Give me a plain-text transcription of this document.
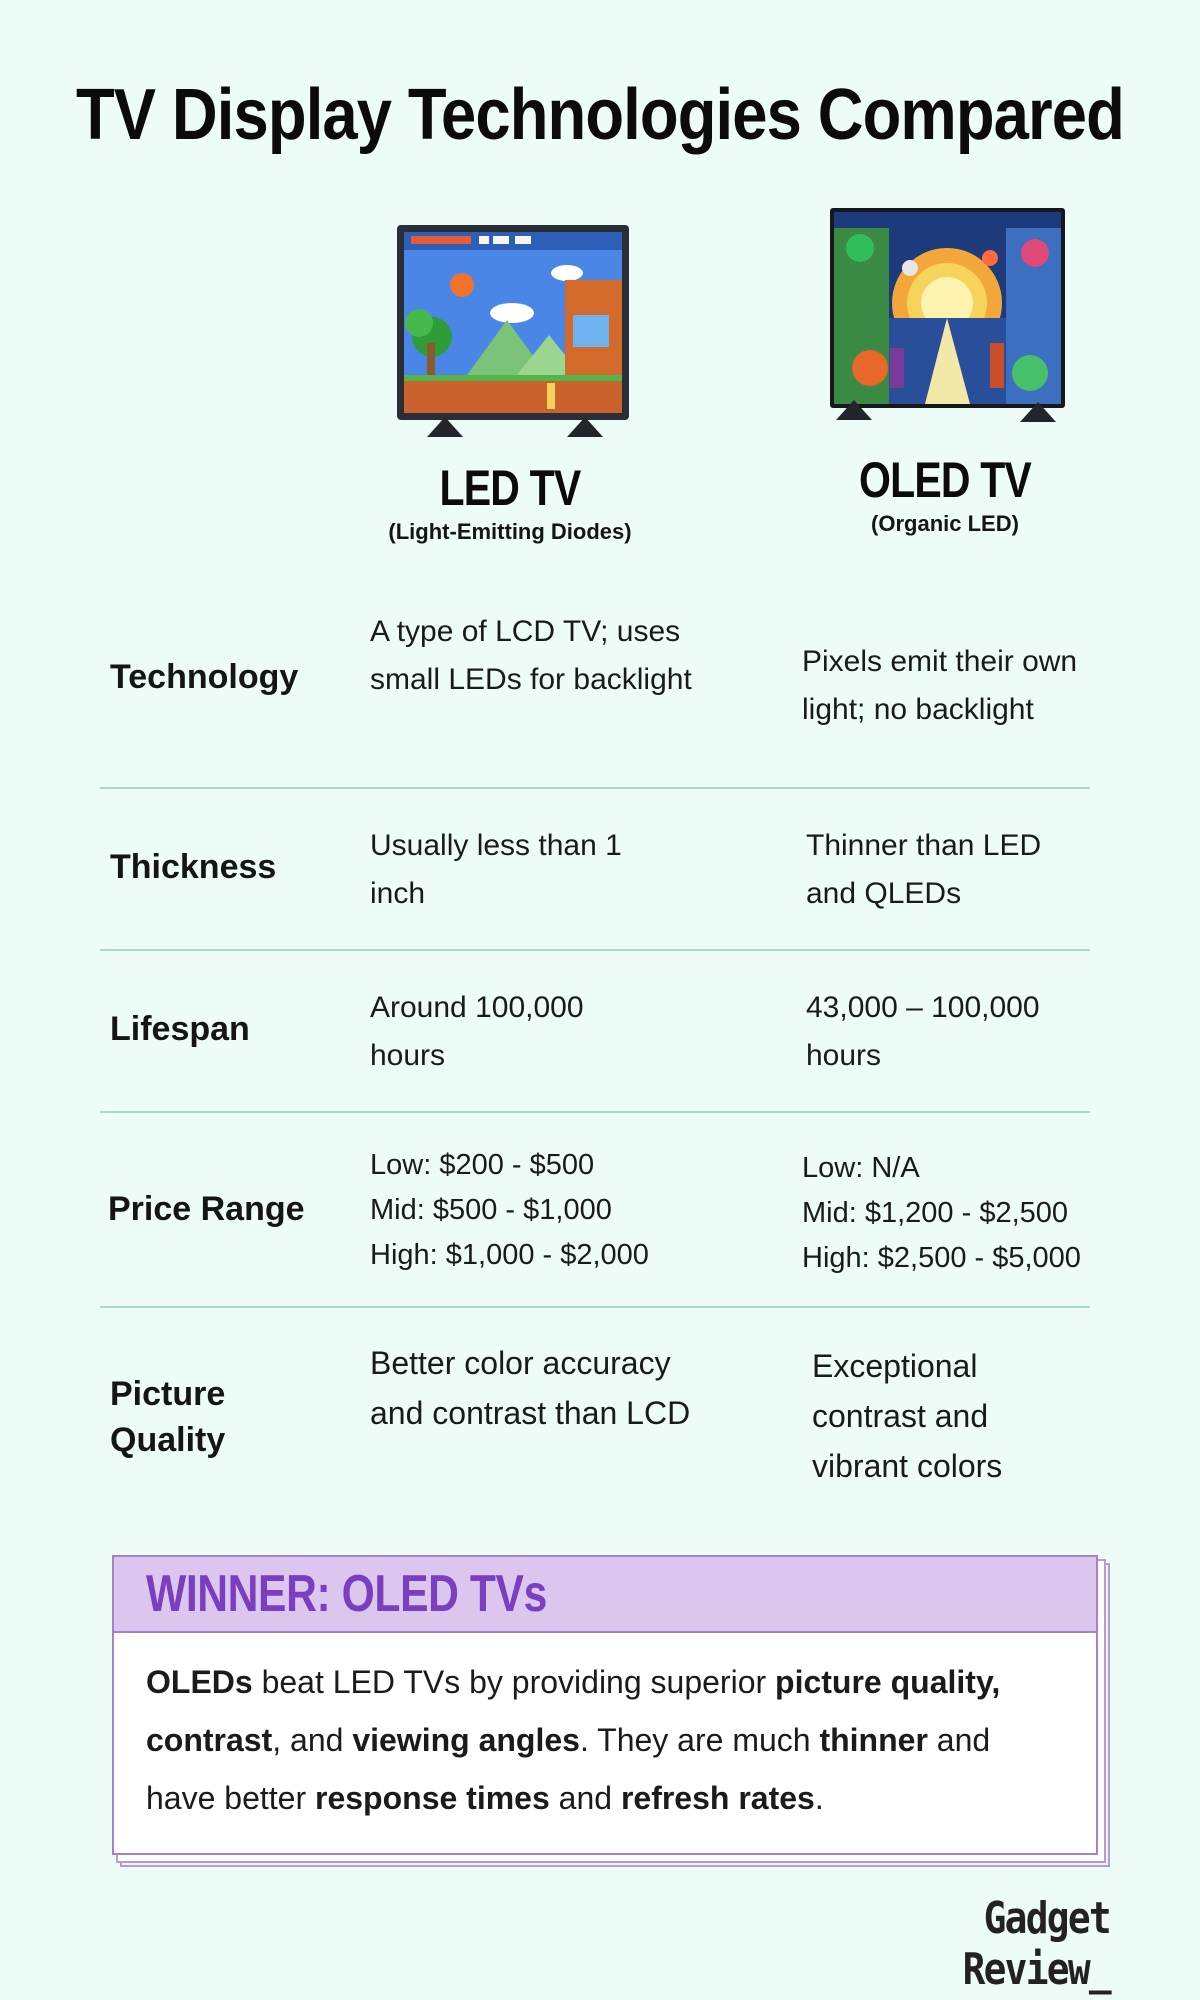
TV Display Technologies Compared
LED TV
(Light-Emitting Diodes)
OLED TV
(Organic LED)
Technology
A type of LCD TV; uses small LEDs for backlight
Pixels emit their own light; no backlight
Thickness
Usually less than 1 inch
Thinner than LED and QLEDs
Lifespan
Around 100,000 hours
43,000 – 100,000 hours
Price Range
Low: $200 - $500
Mid: $500 - $1,000
High: $1,000 - $2,000
Low: N/A
Mid: $1,200 - $2,500
High: $2,500 - $5,000
Picture
Quality
Better color accuracy and contrast than LCD
Exceptional contrast and vibrant colors
WINNER: OLED TVs
OLEDs beat LED TVs by providing superior picture quality,
contrast, and viewing angles. They are much thinner and have better response times and refresh rates.
Gadget Review_
